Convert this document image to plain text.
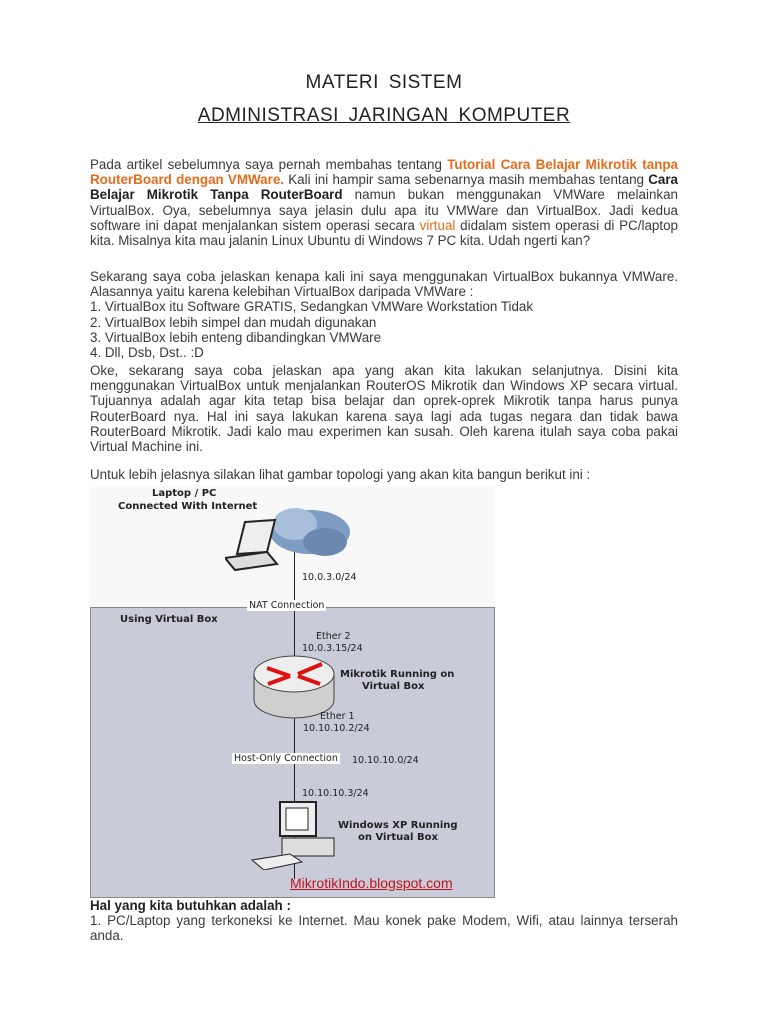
MATERI SISTEM
ADMINISTRASI JARINGAN KOMPUTER

Pada artikel sebelumnya saya pernah membahas tentang Tutorial Cara Belajar Mikrotik tanpa RouterBoard dengan VMWare. Kali ini hampir sama sebenarnya masih membahas tentang Cara Belajar Mikrotik Tanpa RouterBoard namun bukan menggunakan VMWare melainkan VirtualBox. Oya, sebelumnya saya jelasin dulu apa itu VMWare dan VirtualBox. Jadi kedua software ini dapat menjalankan sistem operasi secara virtual didalam sistem operasi di PC/laptop kita. Misalnya kita mau jalanin Linux Ubuntu di Windows 7 PC kita. Udah ngerti kan?

Sekarang saya coba jelaskan kenapa kali ini saya menggunakan VirtualBox bukannya VMWare. Alasannya yaitu karena kelebihan VirtualBox daripada VMWare :

1. VirtualBox itu Software GRATIS, Sedangkan VMWare Workstation Tidak

2. VirtualBox lebih simpel dan mudah digunakan

3. VirtualBox lebih enteng dibandingkan VMWare

4. Dll, Dsb, Dst.. :D

Oke, sekarang saya coba jelaskan apa yang akan kita lakukan selanjutnya. Disini kita menggunakan VirtualBox untuk menjalankan RouterOS Mikrotik dan Windows XP secara virtual. Tujuannya adalah agar kita tetap bisa belajar dan oprek-oprek Mikrotik tanpa harus punya RouterBoard nya. Hal ini saya lakukan karena saya lagi ada tugas negara dan tidak bawa RouterBoard Mikrotik. Jadi kalo mau experimen kan susah. Oleh karena itulah saya coba pakai Virtual Machine ini.
Untuk lebih jelasnya silakan lihat gambar topologi yang akan kita bangun berikut ini :
Laptop / PC
Connected With Internet
10.0.3.0/24
NAT Connection
Using Virtual Box
Ether 2
10.0.3.15/24
Mikrotik Running on
Virtual Box
Ether 1
10.10.10.2/24
Host-Only Connection 10.10.10.0/24
10.10.10.3/24
Windows XP Running
on Virtual Box
MikrotikIndo.blogspot.com

Hal yang kita butuhkan adalah :

1. PC/Laptop yang terkoneksi ke Internet. Mau konek pake Modem, Wifi, atau lainnya terserah anda.
